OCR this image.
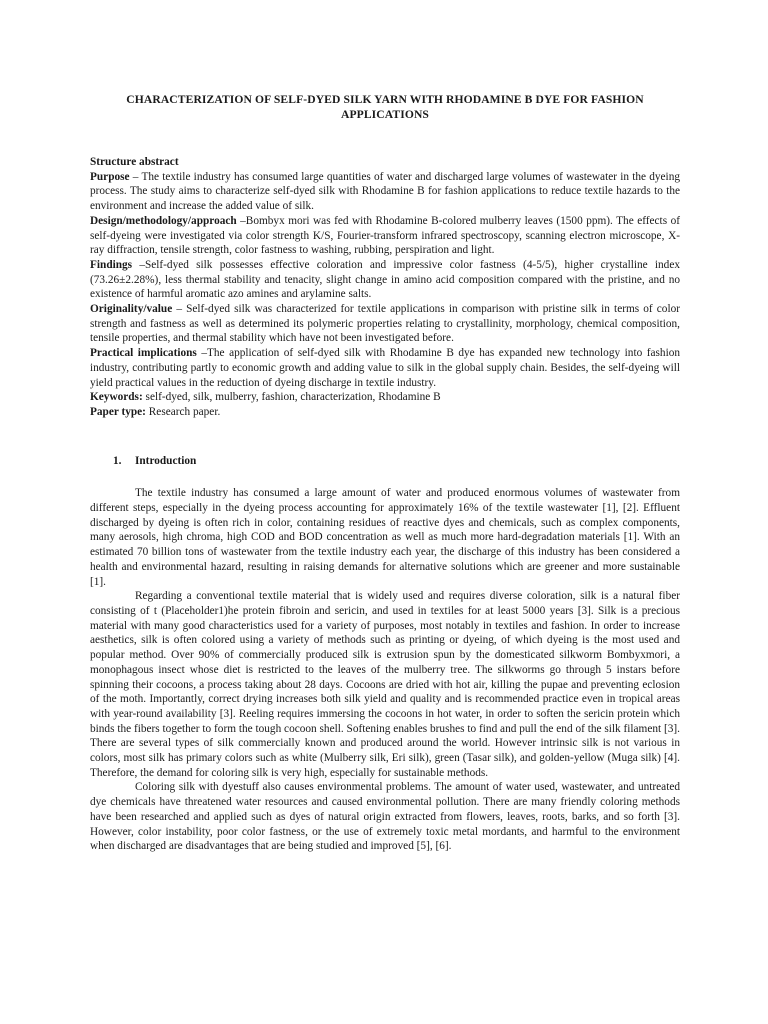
CHARACTERIZATION OF SELF-DYED SILK YARN WITH RHODAMINE B DYE FOR FASHION APPLICATIONS
Structure abstract

Purpose – The textile industry has consumed large quantities of water and discharged large volumes of wastewater in the dyeing process. The study aims to characterize self-dyed silk with Rhodamine B for fashion applications to reduce textile hazards to the environment and increase the added value of silk.

Design/methodology/approach –Bombyx mori was fed with Rhodamine B-colored mulberry leaves (1500 ppm). The effects of self-dyeing were investigated via color strength K/S, Fourier-transform infrared spectroscopy, scanning electron microscope, X-ray diffraction, tensile strength, color fastness to washing, rubbing, perspiration and light.

Findings –Self-dyed silk possesses effective coloration and impressive color fastness (4-5/5), higher crystalline index (73.26±2.28%), less thermal stability and tenacity, slight change in amino acid composition compared with the pristine, and no existence of harmful aromatic azo amines and arylamine salts.

Originality/value – Self-dyed silk was characterized for textile applications in comparison with pristine silk in terms of color strength and fastness as well as determined its polymeric properties relating to crystallinity, morphology, chemical composition, tensile properties, and thermal stability which have not been investigated before.

Practical implications –The application of self-dyed silk with Rhodamine B dye has expanded new technology into fashion industry, contributing partly to economic growth and adding value to silk in the global supply chain. Besides, the self-dyeing will yield practical values in the reduction of dyeing discharge in textile industry.

Keywords: self-dyed, silk, mulberry, fashion, characterization, Rhodamine B

Paper type: Research paper.

1. Introduction

The textile industry has consumed a large amount of water and produced enormous volumes of wastewater from different steps, especially in the dyeing process accounting for approximately 16% of the textile wastewater [1], [2]. Effluent discharged by dyeing is often rich in color, containing residues of reactive dyes and chemicals, such as complex components, many aerosols, high chroma, high COD and BOD concentration as well as much more hard-degradation materials [1]. With an estimated 70 billion tons of wastewater from the textile industry each year, the discharge of this industry has been considered a health and environmental hazard, resulting in raising demands for alternative solutions which are greener and more sustainable [1].

Regarding a conventional textile material that is widely used and requires diverse coloration, silk is a natural fiber consisting of t (Placeholder1)he protein fibroin and sericin, and used in textiles for at least 5000 years [3]. Silk is a precious material with many good characteristics used for a variety of purposes, most notably in textiles and fashion. In order to increase aesthetics, silk is often colored using a variety of methods such as printing or dyeing, of which dyeing is the most used and popular method. Over 90% of commercially produced silk is extrusion spun by the domesticated silkworm Bombyxmori, a monophagous insect whose diet is restricted to the leaves of the mulberry tree. The silkworms go through 5 instars before spinning their cocoons, a process taking about 28 days. Cocoons are dried with hot air, killing the pupae and preventing eclosion of the moth. Importantly, correct drying increases both silk yield and quality and is recommended practice even in tropical areas with year-round availability [3]. Reeling requires immersing the cocoons in hot water, in order to soften the sericin protein which binds the fibers together to form the tough cocoon shell. Softening enables brushes to find and pull the end of the silk filament [3]. There are several types of silk commercially known and produced around the world. However intrinsic silk is not various in colors, most silk has primary colors such as white (Mulberry silk, Eri silk), green (Tasar silk), and golden-yellow (Muga silk) [4]. Therefore, the demand for coloring silk is very high, especially for sustainable methods.

Coloring silk with dyestuff also causes environmental problems. The amount of water used, wastewater, and untreated dye chemicals have threatened water resources and caused environmental pollution. There are many friendly coloring methods have been researched and applied such as dyes of natural origin extracted from flowers, leaves, roots, barks, and so forth [3]. However, color instability, poor color fastness, or the use of extremely toxic metal mordants, and harmful to the environment when discharged are disadvantages that are being studied and improved [5], [6].
